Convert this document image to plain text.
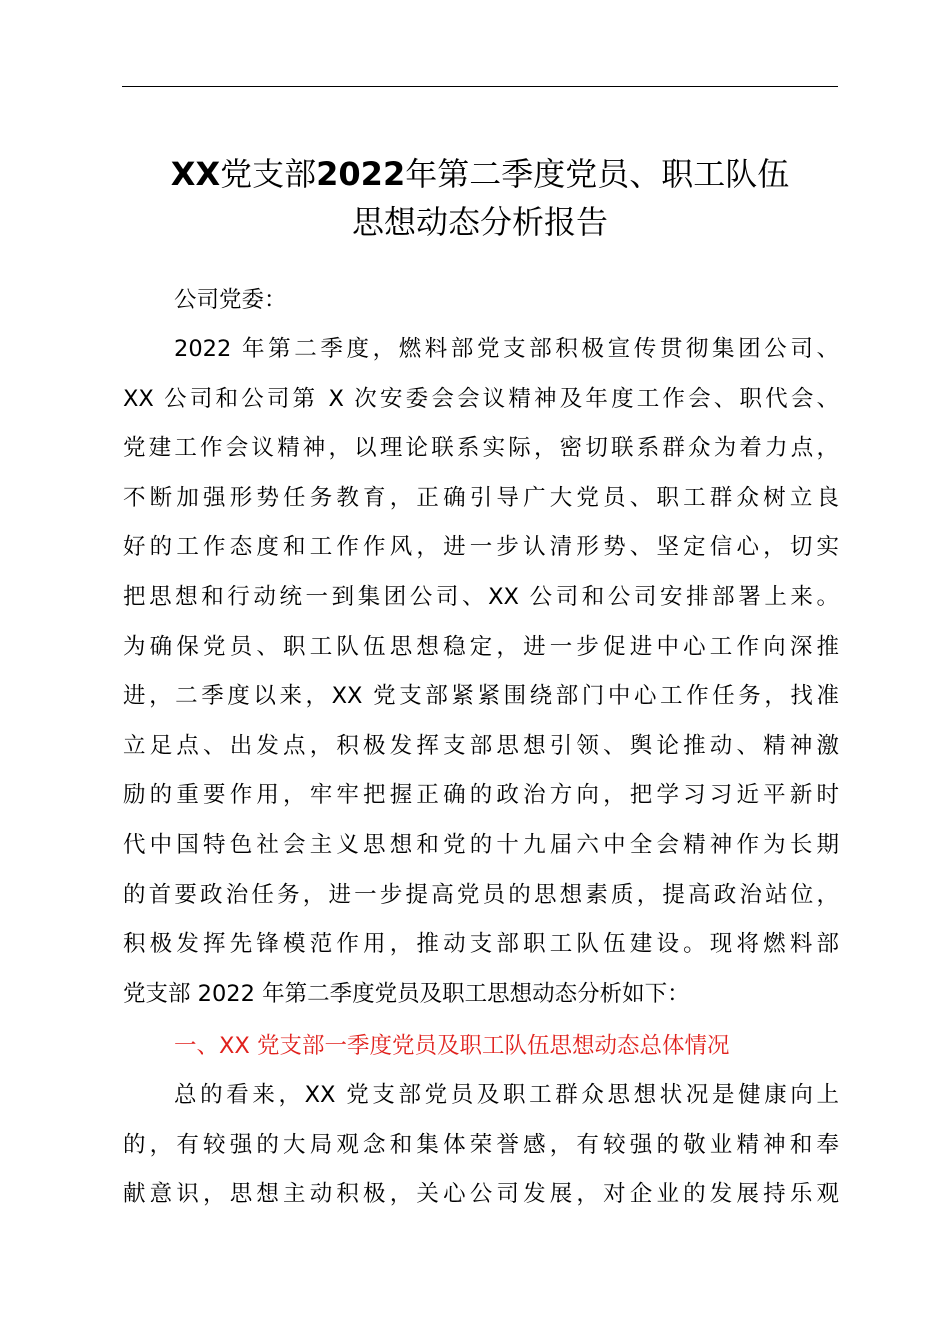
XX党支部2022年第二季度党员、职工队伍
思想动态分析报告
公司党委：
2022 年第二季度，燃料部党支部积极宣传贯彻集团公司、
XX 公司和公司第 X 次安委会会议精神及年度工作会、职代会、
党建工作会议精神，以理论联系实际，密切联系群众为着力点，
不断加强形势任务教育，正确引导广大党员、职工群众树立良
好的工作态度和工作作风，进一步认清形势、坚定信心，切实
把思想和行动统一到集团公司、XX 公司和公司安排部署上来。
为确保党员、职工队伍思想稳定，进一步促进中心工作向深推
进，二季度以来，XX 党支部紧紧围绕部门中心工作任务，找准
立足点、出发点，积极发挥支部思想引领、舆论推动、精神激
励的重要作用，牢牢把握正确的政治方向，把学习习近平新时
代中国特色社会主义思想和党的十九届六中全会精神作为长期
的首要政治任务，进一步提高党员的思想素质，提高政治站位，
积极发挥先锋模范作用，推动支部职工队伍建设。现将燃料部
党支部 2022 年第二季度党员及职工思想动态分析如下：
一、XX 党支部一季度党员及职工队伍思想动态总体情况
总的看来，XX 党支部党员及职工群众思想状况是健康向上
的，有较强的大局观念和集体荣誉感，有较强的敬业精神和奉
献意识，思想主动积极，关心公司发展，对企业的发展持乐观
